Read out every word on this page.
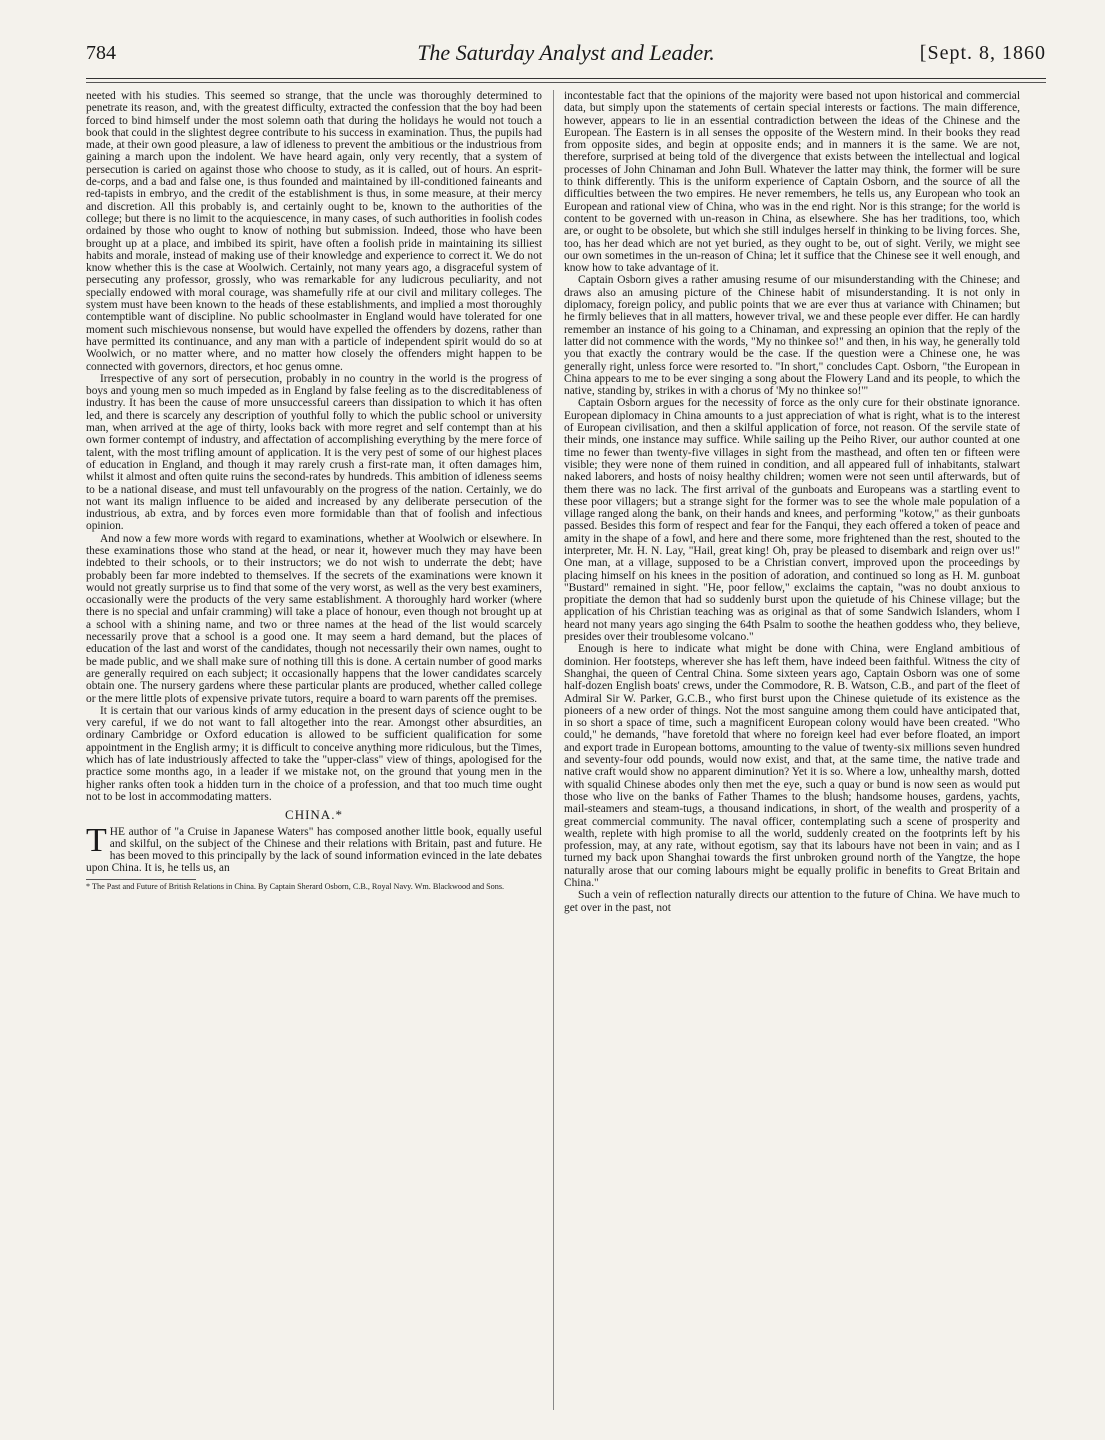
784	The Saturday Analyst and Leader.	[Sept. 8, 1860

neeted with his studies. This seemed so strange, that the uncle was thoroughly determined to penetrate its reason, and, with the greatest difficulty, extracted the confession that the boy had been forced to bind himself under the most solemn oath that during the holidays he would not touch a book that could in the slightest degree contribute to his success in examination. Thus, the pupils had made, at their own good pleasure, a law of idleness to prevent the ambitious or the industrious from gaining a march upon the indolent. We have heard again, only very recently, that a system of persecution is caried on against those who choose to study, as it is called, out of hours. An esprit-de-corps, and a bad and false one, is thus founded and maintained by ill-conditioned faineants and red-tapists in embryo, and the credit of the establishment is thus, in some measure, at their mercy and discretion. All this probably is, and certainly ought to be, known to the authorities of the college; but there is no limit to the acquiescence, in many cases, of such authorities in foolish codes ordained by those who ought to know of nothing but submission. Indeed, those who have been brought up at a place, and imbibed its spirit, have often a foolish pride in maintaining its silliest habits and morale, instead of making use of their knowledge and experience to correct it. We do not know whether this is the case at Woolwich. Certainly, not many years ago, a disgraceful system of persecuting any professor, grossly, who was remarkable for any ludicrous peculiarity, and not specially endowed with moral courage, was shamefully rife at our civil and military colleges. The system must have been known to the heads of these establishments, and implied a most thoroughly contemptible want of discipline. No public schoolmaster in England would have tolerated for one moment such mischievous nonsense, but would have expelled the offenders by dozens, rather than have permitted its continuance, and any man with a particle of independent spirit would do so at Woolwich, or no matter where, and no matter how closely the offenders might happen to be connected with governors, directors, et hoc genus omne.

Irrespective of any sort of persecution, probably in no country in the world is the progress of boys and young men so much impeded as in England by false feeling as to the discreditableness of industry. It has been the cause of more unsuccessful careers than dissipation to which it has often led, and there is scarcely any description of youthful folly to which the public school or university man, when arrived at the age of thirty, looks back with more regret and self contempt than at his own former contempt of industry, and affectation of accomplishing everything by the mere force of talent, with the most trifling amount of application. It is the very pest of some of our highest places of education in England, and though it may rarely crush a first-rate man, it often damages him, whilst it almost and often quite ruins the second-rates by hundreds. This ambition of idleness seems to be a national disease, and must tell unfavourably on the progress of the nation. Certainly, we do not want its malign influence to be aided and increased by any deliberate persecution of the industrious, ab extra, and by forces even more formidable than that of foolish and infectious opinion.

And now a few more words with regard to examinations, whether at Woolwich or elsewhere. In these examinations those who stand at the head, or near it, however much they may have been indebted to their schools, or to their instructors; we do not wish to underrate the debt; have probably been far more indebted to themselves. If the secrets of the examinations were known it would not greatly surprise us to find that some of the very worst, as well as the very best examiners, occasionally were the products of the very same establishment. A thoroughly hard worker (where there is no special and unfair cramming) will take a place of honour, even though not brought up at a school with a shining name, and two or three names at the head of the list would scarcely necessarily prove that a school is a good one. It may seem a hard demand, but the places of education of the last and worst of the candidates, though not necessarily their own names, ought to be made public, and we shall make sure of nothing till this is done. A certain number of good marks are generally required on each subject; it occasionally happens that the lower candidates scarcely obtain one. The nursery gardens where these particular plants are produced, whether called college or the mere little plots of expensive private tutors, require a board to warn parents off the premises.

It is certain that our various kinds of army education in the present days of science ought to be very careful, if we do not want to fall altogether into the rear. Amongst other absurdities, an ordinary Cambridge or Oxford education is allowed to be sufficient qualification for some appointment in the English army; it is difficult to conceive anything more ridiculous, but the Times, which has of late industriously affected to take the "upper-class" view of things, apologised for the practice some months ago, in a leader if we mistake not, on the ground that young men in the higher ranks often took a hidden turn in the choice of a profession, and that too much time ought not to be lost in accommodating matters.

CHINA.*

THE author of "a Cruise in Japanese Waters" has composed another little book, equally useful and skilful, on the subject of the Chinese and their relations with Britain, past and future. He has been moved to this principally by the lack of sound information evinced in the late debates upon China. It is, he tells us, an

* The Past and Future of British Relations in China. By Captain Sherard Osborn, C.B., Royal Navy. Wm. Blackwood and Sons.

incontestable fact that the opinions of the majority were based not upon historical and commercial data, but simply upon the statements of certain special interests or factions. The main difference, however, appears to lie in an essential contradiction between the ideas of the Chinese and the European. The Eastern is in all senses the opposite of the Western mind. In their books they read from opposite sides, and begin at opposite ends; and in manners it is the same. We are not, therefore, surprised at being told of the divergence that exists between the intellectual and logical processes of John Chinaman and John Bull. Whatever the latter may think, the former will be sure to think differently. This is the uniform experience of Captain Osborn, and the source of all the difficulties between the two empires. He never remembers, he tells us, any European who took an European and rational view of China, who was in the end right. Nor is this strange; for the world is content to be governed with un-reason in China, as elsewhere. She has her traditions, too, which are, or ought to be obsolete, but which she still indulges herself in thinking to be living forces. She, too, has her dead which are not yet buried, as they ought to be, out of sight. Verily, we might see our own sometimes in the un-reason of China; let it suffice that the Chinese see it well enough, and know how to take advantage of it.

Captain Osborn gives a rather amusing resume of our misunderstanding with the Chinese; and draws also an amusing picture of the Chinese habit of misunderstanding. It is not only in diplomacy, foreign policy, and public points that we are ever thus at variance with Chinamen; but he firmly believes that in all matters, however trival, we and these people ever differ. He can hardly remember an instance of his going to a Chinaman, and expressing an opinion that the reply of the latter did not commence with the words, "My no thinkee so!" and then, in his way, he generally told you that exactly the contrary would be the case. If the question were a Chinese one, he was generally right, unless force were resorted to. "In short," concludes Capt. Osborn, "the European in China appears to me to be ever singing a song about the Flowery Land and its people, to which the native, standing by, strikes in with a chorus of 'My no thinkee so!'"

Captain Osborn argues for the necessity of force as the only cure for their obstinate ignorance. European diplomacy in China amounts to a just appreciation of what is right, what is to the interest of European civilisation, and then a skilful application of force, not reason. Of the servile state of their minds, one instance may suffice. While sailing up the Peiho River, our author counted at one time no fewer than twenty-five villages in sight from the masthead, and often ten or fifteen were visible; they were none of them ruined in condition, and all appeared full of inhabitants, stalwart naked laborers, and hosts of noisy healthy children; women were not seen until afterwards, but of them there was no lack. The first arrival of the gunboats and Europeans was a startling event to these poor villagers; but a strange sight for the former was to see the whole male population of a village ranged along the bank, on their hands and knees, and performing "kotow," as their gunboats passed. Besides this form of respect and fear for the Fanqui, they each offered a token of peace and amity in the shape of a fowl, and here and there some, more frightened than the rest, shouted to the interpreter, Mr. H. N. Lay, "Hail, great king! Oh, pray be pleased to disembark and reign over us!" One man, at a village, supposed to be a Christian convert, improved upon the proceedings by placing himself on his knees in the position of adoration, and continued so long as H. M. gunboat "Bustard" remained in sight. "He, poor fellow," exclaims the captain, "was no doubt anxious to propitiate the demon that had so suddenly burst upon the quietude of his Chinese village; but the application of his Christian teaching was as original as that of some Sandwich Islanders, whom I heard not many years ago singing the 64th Psalm to soothe the heathen goddess who, they believe, presides over their troublesome volcano."

Enough is here to indicate what might be done with China, were England ambitious of dominion. Her footsteps, wherever she has left them, have indeed been faithful. Witness the city of Shanghai, the queen of Central China. Some sixteen years ago, Captain Osborn was one of some half-dozen English boats' crews, under the Commodore, R. B. Watson, C.B., and part of the fleet of Admiral Sir W. Parker, G.C.B., who first burst upon the Chinese quietude of its existence as the pioneers of a new order of things. Not the most sanguine among them could have anticipated that, in so short a space of time, such a magnificent European colony would have been created. "Who could," he demands, "have foretold that where no foreign keel had ever before floated, an import and export trade in European bottoms, amounting to the value of twenty-six millions seven hundred and seventy-four odd pounds, would now exist, and that, at the same time, the native trade and native craft would show no apparent diminution? Yet it is so. Where a low, unhealthy marsh, dotted with squalid Chinese abodes only then met the eye, such a quay or bund is now seen as would put those who live on the banks of Father Thames to the blush; handsome houses, gardens, yachts, mail-steamers and steam-tugs, a thousand indications, in short, of the wealth and prosperity of a great commercial community. The naval officer, contemplating such a scene of prosperity and wealth, replete with high promise to all the world, suddenly created on the footprints left by his profession, may, at any rate, without egotism, say that its labours have not been in vain; and as I turned my back upon Shanghai towards the first unbroken ground north of the Yangtze, the hope naturally arose that our coming labours might be equally prolific in benefits to Great Britain and China."

Such a vein of reflection naturally directs our attention to the future of China. We have much to get over in the past, not
